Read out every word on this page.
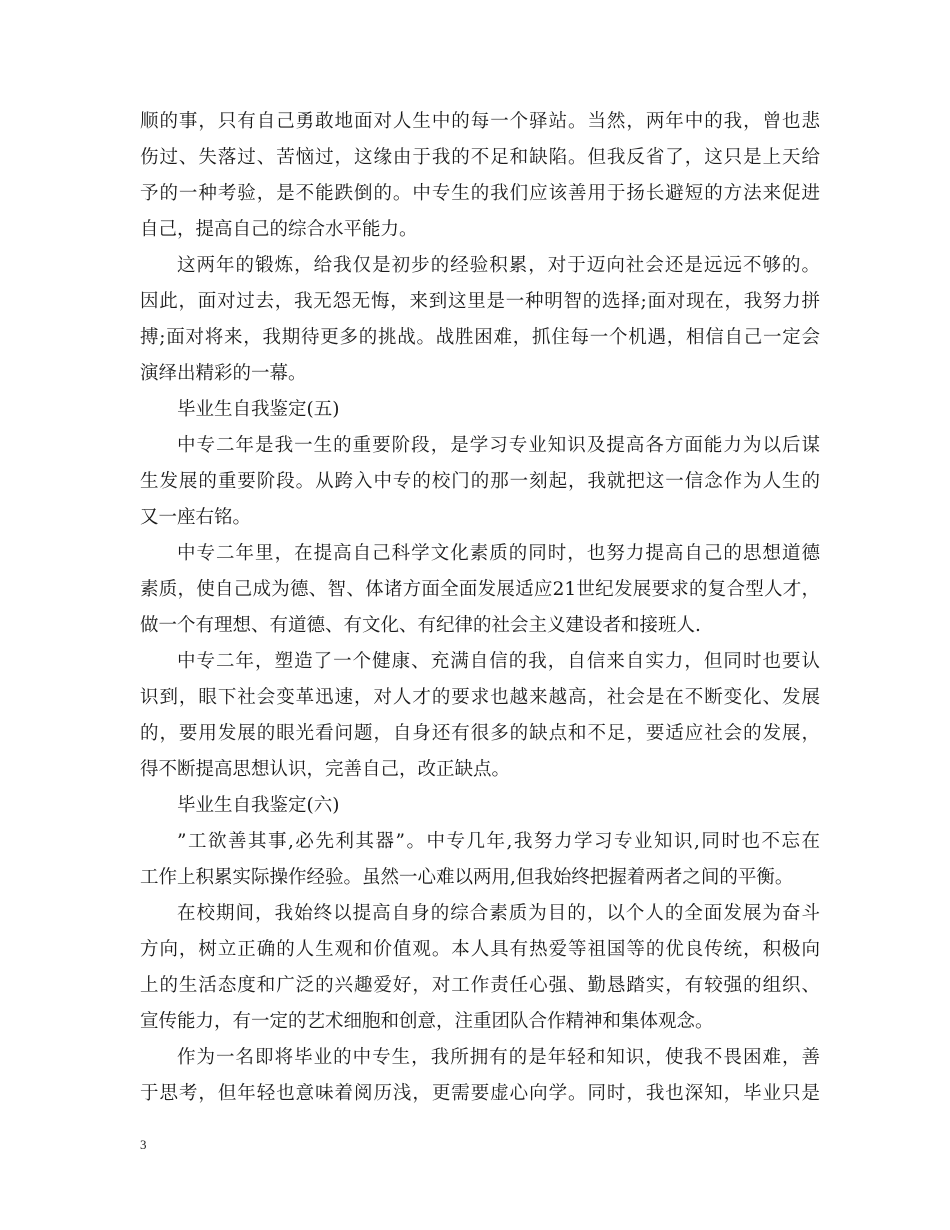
顺的事，只有自己勇敢地面对人生中的每一个驿站。当然，两年中的我，曾也悲
伤过、失落过、苦恼过，这缘由于我的不足和缺陷。但我反省了，这只是上天给
予的一种考验，是不能跌倒的。中专生的我们应该善用于扬长避短的方法来促进
自己，提高自己的综合水平能力。
这两年的锻炼，给我仅是初步的经验积累，对于迈向社会还是远远不够的。
因此，面对过去，我无怨无悔，来到这里是一种明智的选择;面对现在，我努力拼
搏;面对将来，我期待更多的挑战。战胜困难，抓住每一个机遇，相信自己一定会
演绎出精彩的一幕。
毕业生自我鉴定(五)
中专二年是我一生的重要阶段，是学习专业知识及提高各方面能力为以后谋
生发展的重要阶段。从跨入中专的校门的那一刻起，我就把这一信念作为人生的
又一座右铭。
中专二年里，在提高自己科学文化素质的同时，也努力提高自己的思想道德
素质，使自己成为德、智、体诸方面全面发展适应21世纪发展要求的复合型人才，
做一个有理想、有道德、有文化、有纪律的社会主义建设者和接班人.
中专二年，塑造了一个健康、充满自信的我，自信来自实力，但同时也要认
识到，眼下社会变革迅速，对人才的要求也越来越高，社会是在不断变化、发展
的，要用发展的眼光看问题，自身还有很多的缺点和不足，要适应社会的发展，
得不断提高思想认识，完善自己，改正缺点。
毕业生自我鉴定(六)
”工欲善其事,必先利其器”。中专几年,我努力学习专业知识,同时也不忘在
工作上积累实际操作经验。虽然一心难以两用,但我始终把握着两者之间的平衡。
在校期间，我始终以提高自身的综合素质为目的，以个人的全面发展为奋斗
方向，树立正确的人生观和价值观。本人具有热爱等祖国等的优良传统，积极向
上的生活态度和广泛的兴趣爱好，对工作责任心强、勤恳踏实，有较强的组织、
宣传能力，有一定的艺术细胞和创意，注重团队合作精神和集体观念。
作为一名即将毕业的中专生，我所拥有的是年轻和知识，使我不畏困难，善
于思考，但年轻也意味着阅历浅，更需要虚心向学。同时，我也深知，毕业只是
3
